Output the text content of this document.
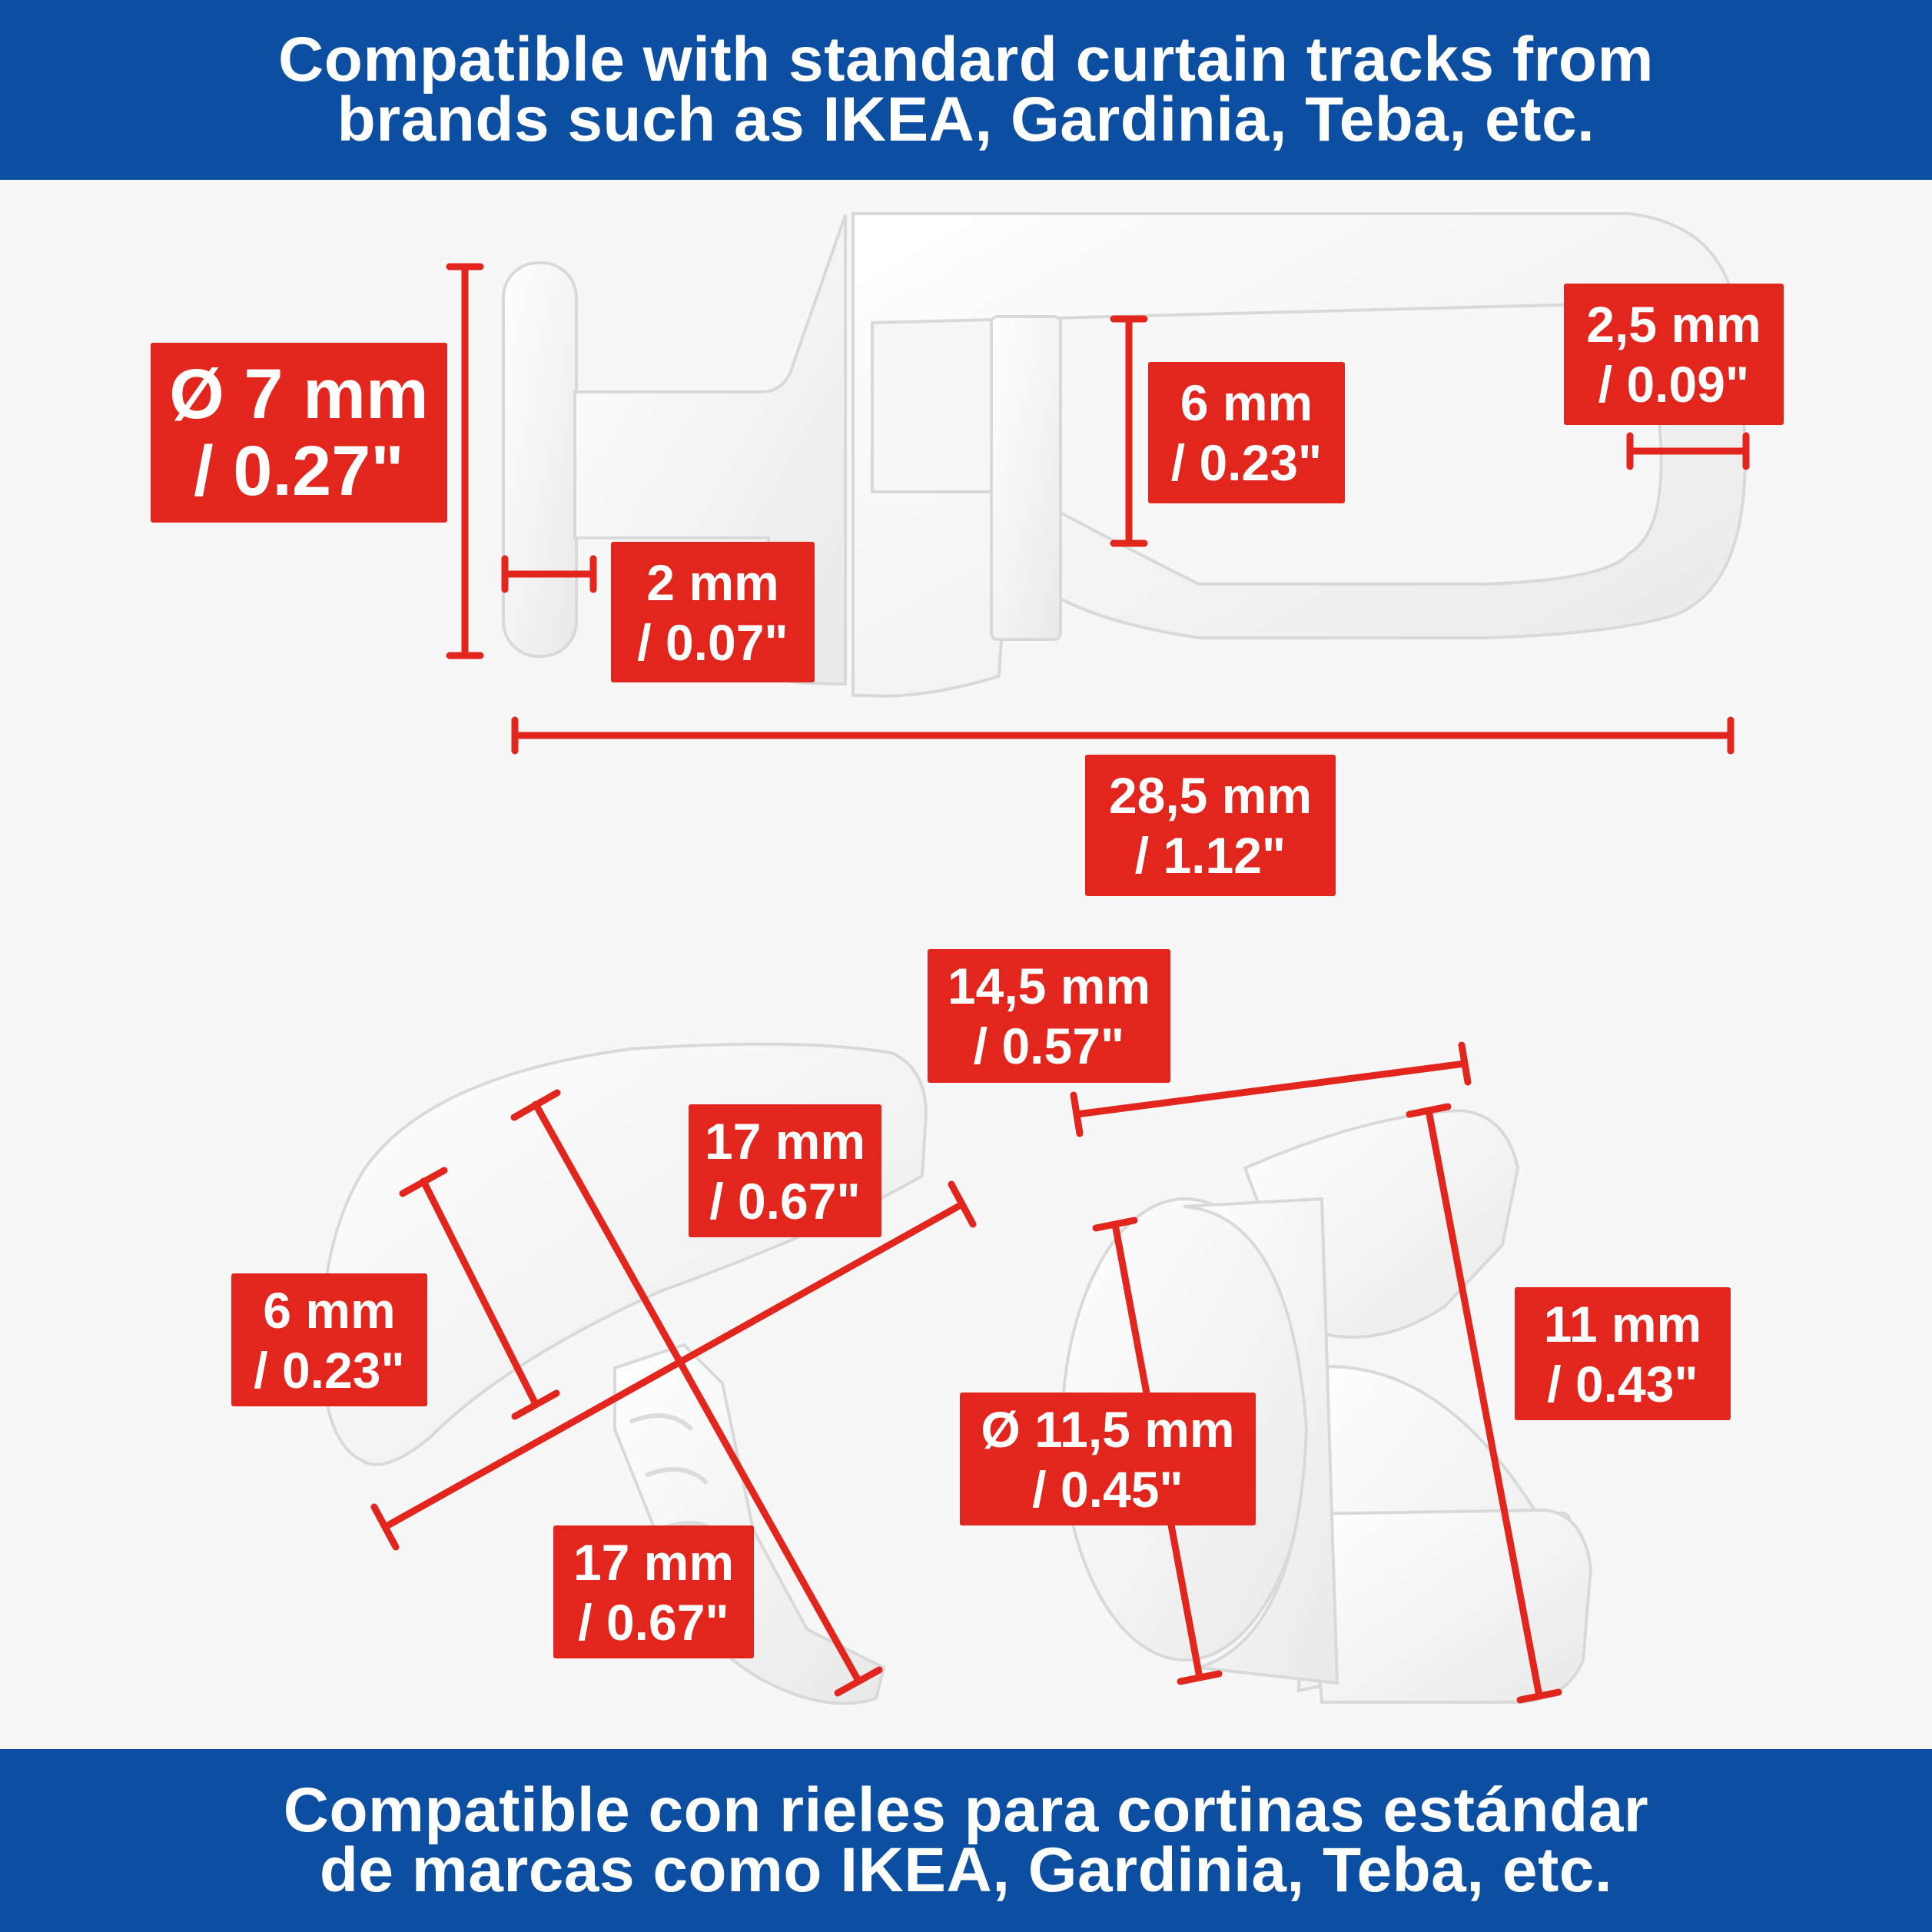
Compatible with standard curtain tracks from
brands such as IKEA, Gardinia, Teba, etc.
Ø 7 mm
/ 0.27"
2 mm
/ 0.07"
6 mm
/ 0.23"
2,5 mm
/ 0.09"
28,5 mm
/ 1.12"
14,5 mm
/ 0.57"
17 mm
/ 0.67"
6 mm
/ 0.23"
11 mm
/ 0.43"
Ø 11,5 mm
/ 0.45"
17 mm
/ 0.67"
Compatible con rieles para cortinas estándar
de marcas como IKEA, Gardinia, Teba, etc.
